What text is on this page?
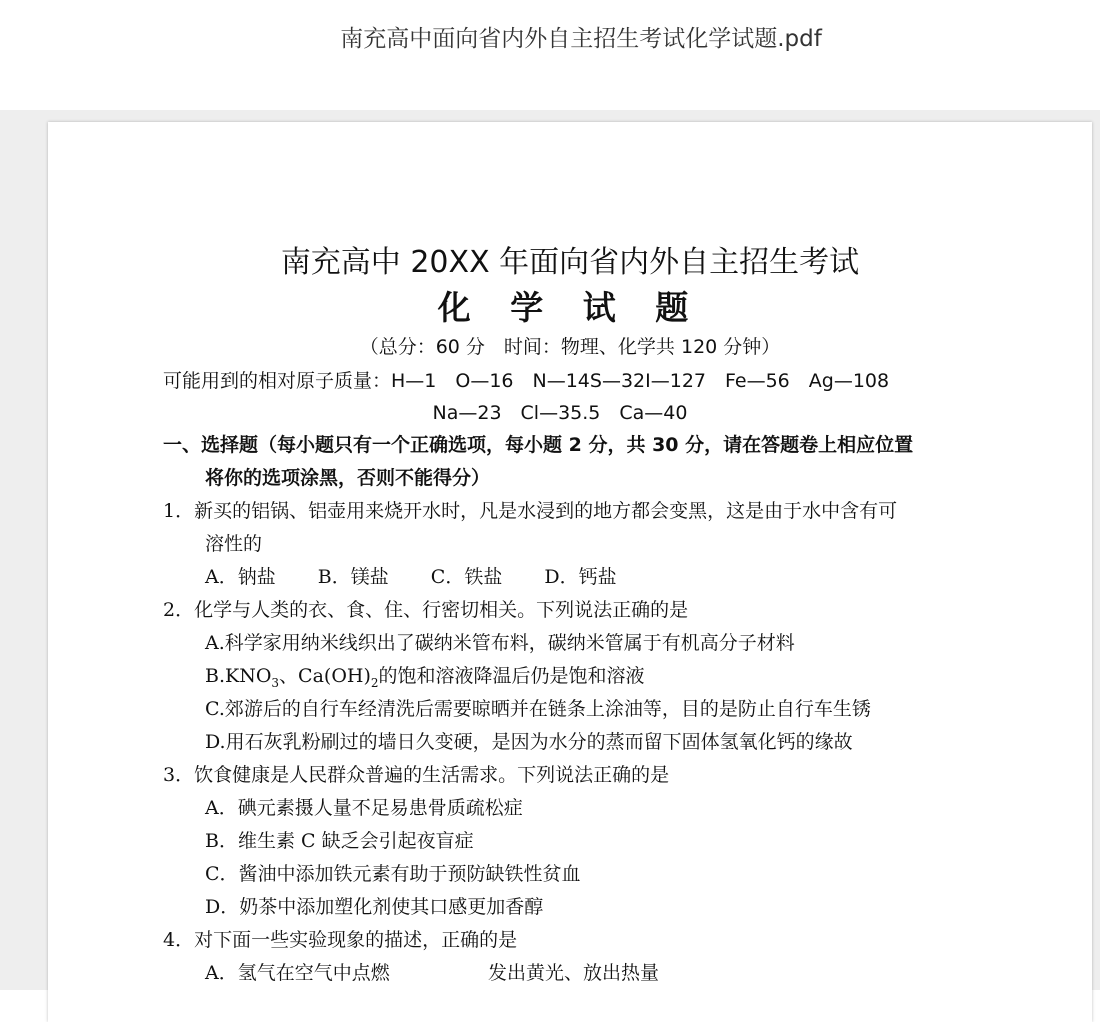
南充高中面向省内外自主招生考试化学试题.pdf
南充高中 20XX 年面向省内外自主招生考试
化 学 试 题
（总分：60 分　时间：物理、化学共 120 分钟）
可能用到的相对原子质量：H—1　O—16　N—14S—32I—127　Fe—56　Ag—108
Na—23　Cl—35.5　Ca—40
一、选择题（每小题只有一个正确选项，每小题 2 分，共 30 分，请在答题卷上相应位置
将你的选项涂黑，否则不能得分）
1．新买的铝锅、铝壶用来烧开水时，凡是水浸到的地方都会变黑，这是由于水中含有可
溶性的
A．钠盐 B．镁盐 C．铁盐 D．钙盐
2．化学与人类的衣、食、住、行密切相关。下列说法正确的是
A.科学家用纳米线织出了碳纳米管布料，碳纳米管属于有机高分子材料
$B.KNO_3$、$Ca(OH)_2$的饱和溶液降温后仍是饱和溶液
C.郊游后的自行车经清洗后需要晾晒并在链条上涂油等，目的是防止自行车生锈
D.用石灰乳粉刷过的墙日久变硬，是因为水分的蒸而留下固体氢氧化钙的缘故
3．饮食健康是人民群众普遍的生活需求。下列说法正确的是
A．碘元素摄人量不足易患骨质疏松症
B．维生素 C 缺乏会引起夜盲症
C．酱油中添加铁元素有助于预防缺铁性贫血
D．奶茶中添加塑化剂使其口感更加香醇
4．对下面一些实验现象的描述，正确的是
A．氢气在空气中点燃	发出黄光、放出热量
